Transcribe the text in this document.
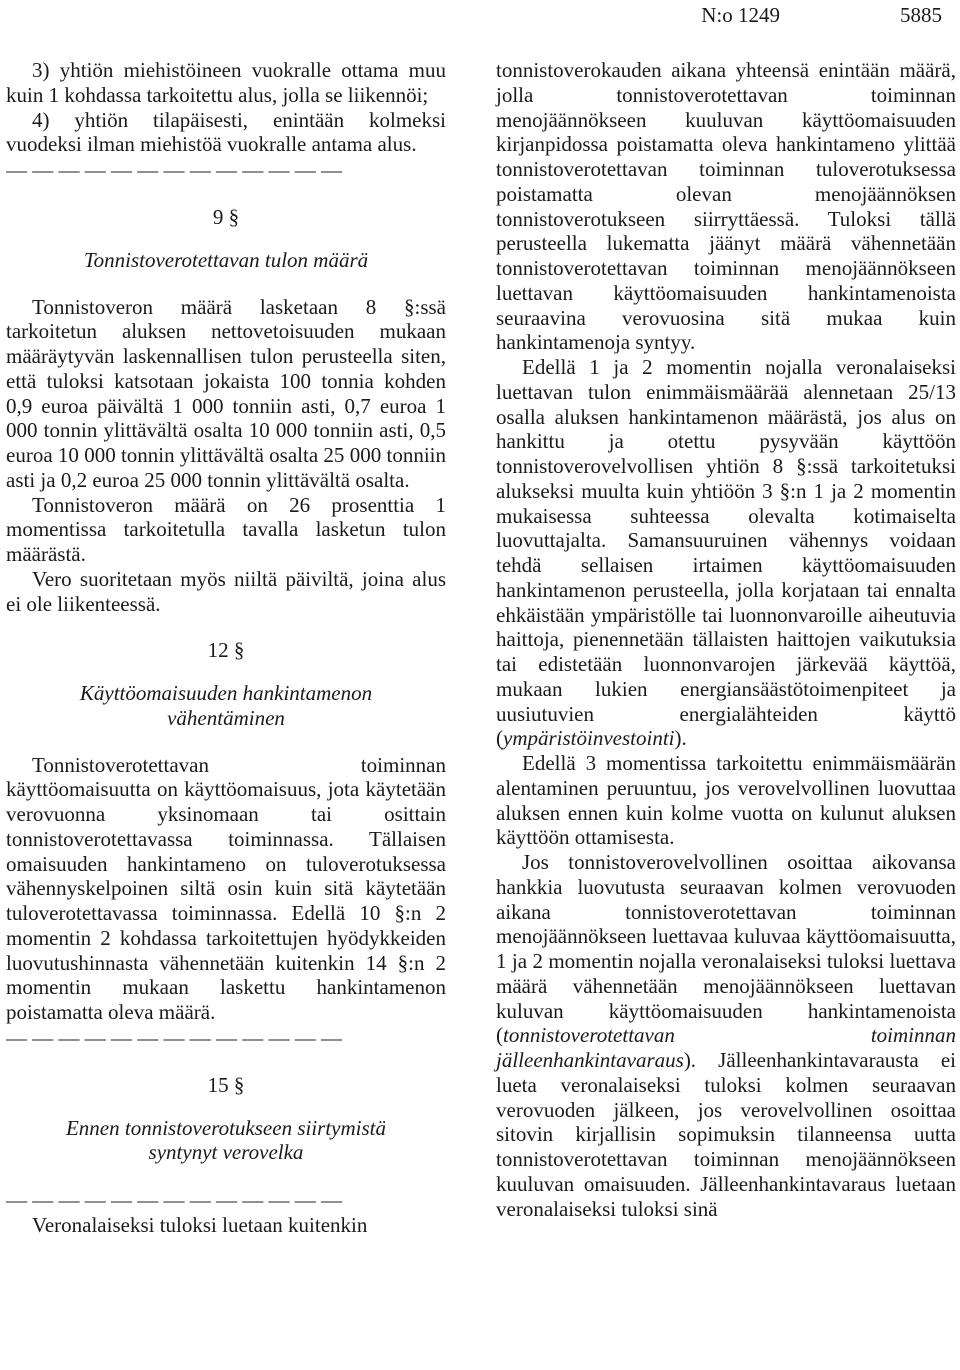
N:o 1249	5885

3) yhtiön miehistöineen vuokralle ottama muu kuin 1 kohdassa tarkoitettu alus, jolla se liikennöi;

4) yhtiön tilapäisesti, enintään kolmeksi vuodeksi ilman miehistöä vuokralle antama alus.

— — — — — — — — — — — — —
9 §
Tonnistoverotettavan tulon määrä

Tonnistoveron määrä lasketaan 8 §:ssä tarkoitetun aluksen nettovetoisuuden mukaan määräytyvän laskennallisen tulon perusteella siten, että tuloksi katsotaan jokaista 100 tonnia kohden 0,9 euroa päivältä 1 000 tonniin asti, 0,7 euroa 1 000 tonnin ylittävältä osalta 10 000 tonniin asti, 0,5 euroa 10 000 tonnin ylittävältä osalta 25 000 tonniin asti ja 0,2 euroa 25 000 tonnin ylittävältä osalta.

Tonnistoveron määrä on 26 prosenttia 1 momentissa tarkoitetulla tavalla lasketun tulon määrästä.

Vero suoritetaan myös niiltä päiviltä, joina alus ei ole liikenteessä.

12 §
Käyttöomaisuuden hankintamenon vähentäminen

Tonnistoverotettavan toiminnan käyttöomaisuutta on käyttöomaisuus, jota käytetään verovuonna yksinomaan tai osittain tonnistoverotettavassa toiminnassa. Tällaisen omaisuuden hankintameno on tuloverotuksessa vähennyskelpoinen siltä osin kuin sitä käytetään tuloverotettavassa toiminnassa. Edellä 10 §:n 2 momentin 2 kohdassa tarkoitettujen hyödykkeiden luovutushinnasta vähennetään kuitenkin 14 §:n 2 momentin mukaan laskettu hankintamenon poistamatta oleva määrä.

— — — — — — — — — — — — —
15 §
Ennen tonnistoverotukseen siirtymistä syntynyt verovelka
— — — — — — — — — — — — —

Veronalaiseksi tuloksi luetaan kuitenkin

tonnistoverokauden aikana yhteensä enintään määrä, jolla tonnistoverotettavan toiminnan menojäännökseen kuuluvan käyttöomaisuuden kirjanpidossa poistamatta oleva hankintameno ylittää tonnistoverotettavan toiminnan tuloverotuksessa poistamatta olevan menojäännöksen tonnistoverotukseen siirryttäessä. Tuloksi tällä perusteella lukematta jäänyt määrä vähennetään tonnistoverotettavan toiminnan menojäännökseen luettavan käyttöomaisuuden hankintamenoista seuraavina verovuosina sitä mukaa kuin hankintamenoja syntyy.

Edellä 1 ja 2 momentin nojalla veronalaiseksi luettavan tulon enimmäismäärää alennetaan 25/13 osalla aluksen hankintamenon määrästä, jos alus on hankittu ja otettu pysyvään käyttöön tonnistoverovelvollisen yhtiön 8 §:ssä tarkoitetuksi alukseksi muulta kuin yhtiöön 3 §:n 1 ja 2 momentin mukaisessa suhteessa olevalta kotimaiselta luovuttajalta. Samansuuruinen vähennys voidaan tehdä sellaisen irtaimen käyttöomaisuuden hankintamenon perusteella, jolla korjataan tai ennalta ehkäistään ympäristölle tai luonnonvaroille aiheutuvia haittoja, pienennetään tällaisten haittojen vaikutuksia tai edistetään luonnonvarojen järkevää käyttöä, mukaan lukien energiansäästötoimenpiteet ja uusiutuvien energialähteiden käyttö (ympäristöinvestointi).

Edellä 3 momentissa tarkoitettu enimmäismäärän alentaminen peruuntuu, jos verovelvollinen luovuttaa aluksen ennen kuin kolme vuotta on kulunut aluksen käyttöön ottamisesta.

Jos tonnistoverovelvollinen osoittaa aikovansa hankkia luovutusta seuraavan kolmen verovuoden aikana tonnistoverotettavan toiminnan menojäännökseen luettavaa kuluvaa käyttöomaisuutta, 1 ja 2 momentin nojalla veronalaiseksi tuloksi luettava määrä vähennetään menojäännökseen luettavan kuluvan käyttöomaisuuden hankintamenoista (tonnistoverotettavan toiminnan jälleenhankintavaraus). Jälleenhankintavarausta ei lueta veronalaiseksi tuloksi kolmen seuraavan verovuoden jälkeen, jos verovelvollinen osoittaa sitovin kirjallisin sopimuksin tilanneensa uutta tonnistoverotettavan toiminnan menojäännökseen kuuluvan omaisuuden. Jälleenhankintavaraus luetaan veronalaiseksi tuloksi sinä
